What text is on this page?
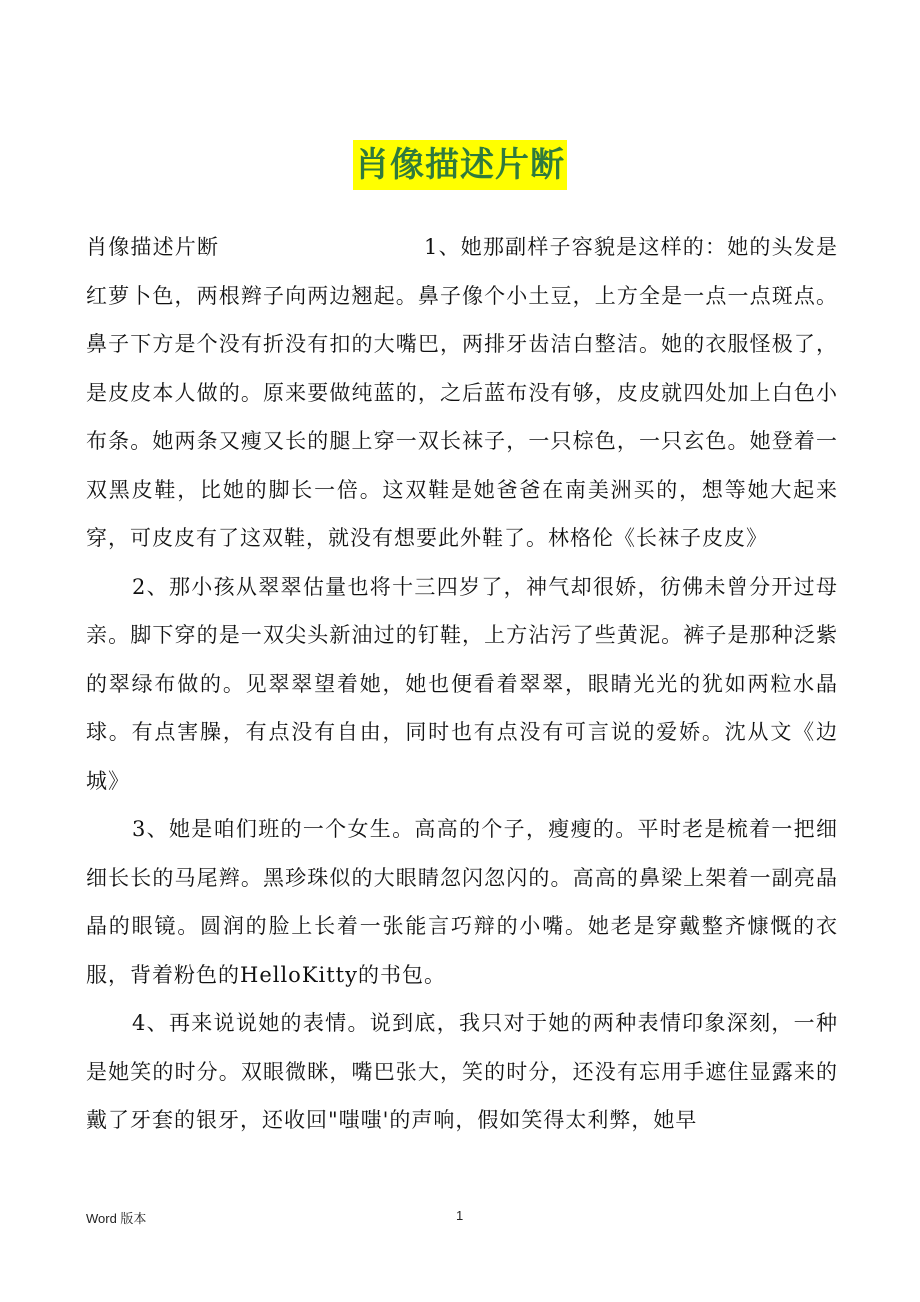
肖像描述片断

肖像描述片断                          1、她那副样子容貌是这样的：她的头发是红萝卜色，两根辫子向两边翘起。鼻子像个小土豆，上方全是一点一点斑点。鼻子下方是个没有折没有扣的大嘴巴，两排牙齿洁白整洁。她的衣服怪极了，是皮皮本人做的。原来要做纯蓝的，之后蓝布没有够，皮皮就四处加上白色小布条。她两条又瘦又长的腿上穿一双长袜子，一只棕色，一只玄色。她登着一双黑皮鞋，比她的脚长一倍。这双鞋是她爸爸在南美洲买的，想等她大起来穿，可皮皮有了这双鞋，就没有想要此外鞋了。林格伦《长袜子皮皮》

2、那小孩从翠翠估量也将十三四岁了，神气却很娇，彷佛未曾分开过母亲。脚下穿的是一双尖头新油过的钉鞋，上方沾污了些黄泥。裤子是那种泛紫的翠绿布做的。见翠翠望着她，她也便看着翠翠，眼睛光光的犹如两粒水晶球。有点害臊，有点没有自由，同时也有点没有可言说的爱娇。沈从文《边城》

3、她是咱们班的一个女生。高高的个子，瘦瘦的。平时老是梳着一把细细长长的马尾辫。黑珍珠似的大眼睛忽闪忽闪的。高高的鼻梁上架着一副亮晶晶的眼镜。圆润的脸上长着一张能言巧辩的小嘴。她老是穿戴整齐慷慨的衣服，背着粉色的HelloKitty的书包。

4、再来说说她的表情。说到底，我只对于她的两种表情印象深刻，一种是她笑的时分。双眼微眯，嘴巴张大，笑的时分，还没有忘用手遮住显露来的戴了牙套的银牙，还收回"嗤嗤'的声响，假如笑得太利弊，她早

Word 版本	1
